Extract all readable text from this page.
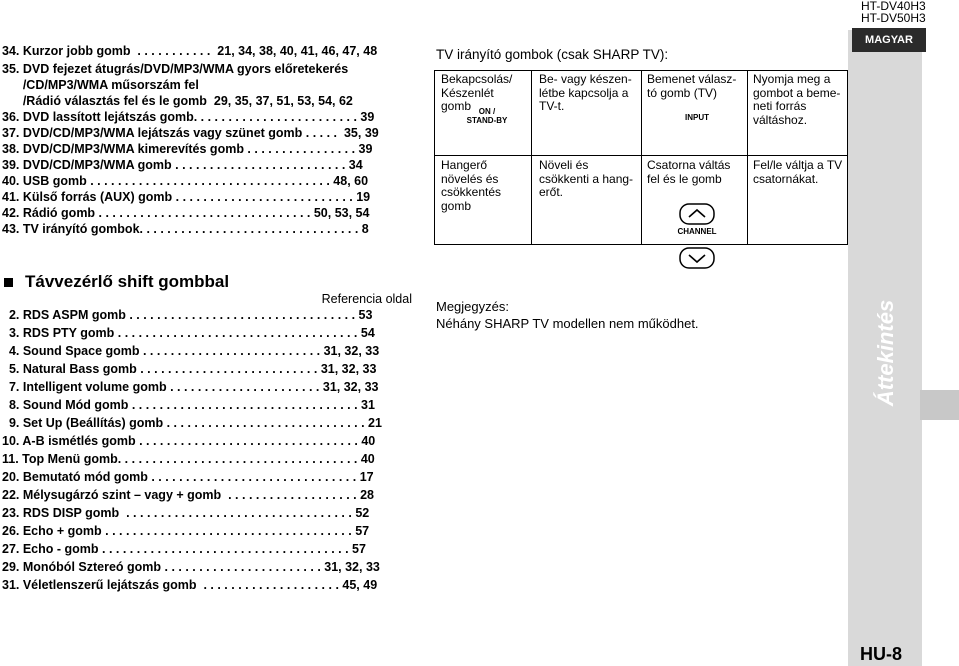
HT-DV40H3
HT-DV50H3
MAGYAR
Áttekintés
HU-8
34. Kurzor jobb gomb  . . . . . . . . . . .  21, 34, 38, 40, 41, 46, 47, 48
35. DVD fejezet átugrás/DVD/MP3/WMA gyors előretekerés
/CD/MP3/WMA műsorszám fel
/Rádió választás fel és le gomb  29, 35, 37, 51, 53, 54, 62
36. DVD lassított lejátszás gomb. . . . . . . . . . . . . . . . . . . . . . . . 39
37. DVD/CD/MP3/WMA lejátszás vagy szünet gomb . . . . .  35, 39
38. DVD/CD/MP3/WMA kimerevítés gomb . . . . . . . . . . . . . . . . 39
39. DVD/CD/MP3/WMA gomb . . . . . . . . . . . . . . . . . . . . . . . . . 34
40. USB gomb . . . . . . . . . . . . . . . . . . . . . . . . . . . . . . . . . . . 48, 60
41. Külső forrás (AUX) gomb . . . . . . . . . . . . . . . . . . . . . . . . . . 19
42. Rádió gomb . . . . . . . . . . . . . . . . . . . . . . . . . . . . . . . 50, 53, 54
43. TV irányító gombok. . . . . . . . . . . . . . . . . . . . . . . . . . . . . . . . 8
Távvezérlő shift gombbal
Referencia oldal
2. RDS ASPM gomb . . . . . . . . . . . . . . . . . . . . . . . . . . . . . . . . . 53
3. RDS PTY gomb . . . . . . . . . . . . . . . . . . . . . . . . . . . . . . . . . . . 54
4. Sound Space gomb . . . . . . . . . . . . . . . . . . . . . . . . . . 31, 32, 33
5. Natural Bass gomb . . . . . . . . . . . . . . . . . . . . . . . . . . 31, 32, 33
7. Intelligent volume gomb . . . . . . . . . . . . . . . . . . . . . . 31, 32, 33
8. Sound Mód gomb . . . . . . . . . . . . . . . . . . . . . . . . . . . . . . . . . 31
9. Set Up (Beállítás) gomb . . . . . . . . . . . . . . . . . . . . . . . . . . . . . 21
10. A-B ismétlés gomb . . . . . . . . . . . . . . . . . . . . . . . . . . . . . . . . 40
11. Top Menü gomb. . . . . . . . . . . . . . . . . . . . . . . . . . . . . . . . . . . 40
20. Bemutató mód gomb . . . . . . . . . . . . . . . . . . . . . . . . . . . . . . 17
22. Mélysugárzó szint – vagy + gomb  . . . . . . . . . . . . . . . . . . . 28
23. RDS DISP gomb  . . . . . . . . . . . . . . . . . . . . . . . . . . . . . . . . . 52
26. Echo + gomb . . . . . . . . . . . . . . . . . . . . . . . . . . . . . . . . . . . . 57
27. Echo - gomb . . . . . . . . . . . . . . . . . . . . . . . . . . . . . . . . . . . . 57
29. Monóból Sztereó gomb . . . . . . . . . . . . . . . . . . . . . . . 31, 32, 33
31. Véletlenszerű lejátszás gomb  . . . . . . . . . . . . . . . . . . . . 45, 49
TV irányító gombok (csak SHARP TV):
Bekapcsolás/ Készenlét gomb
Be- vagy készen- létbe kapcsolja a TV-t.
Bemenet válasz- tó gomb (TV)
Nyomja meg a gombot a beme- neti forrás váltáshoz.
ON / STAND-BY	INPUT
Hangerő növelés és csökkentés gomb
Növeli és csökkenti a hang- erőt.
Csatorna váltás fel és le gomb
Fel/le váltja a TV csatornákat.
CHANNEL
Megjegyzés:
Néhány SHARP TV modellen nem működhet.
